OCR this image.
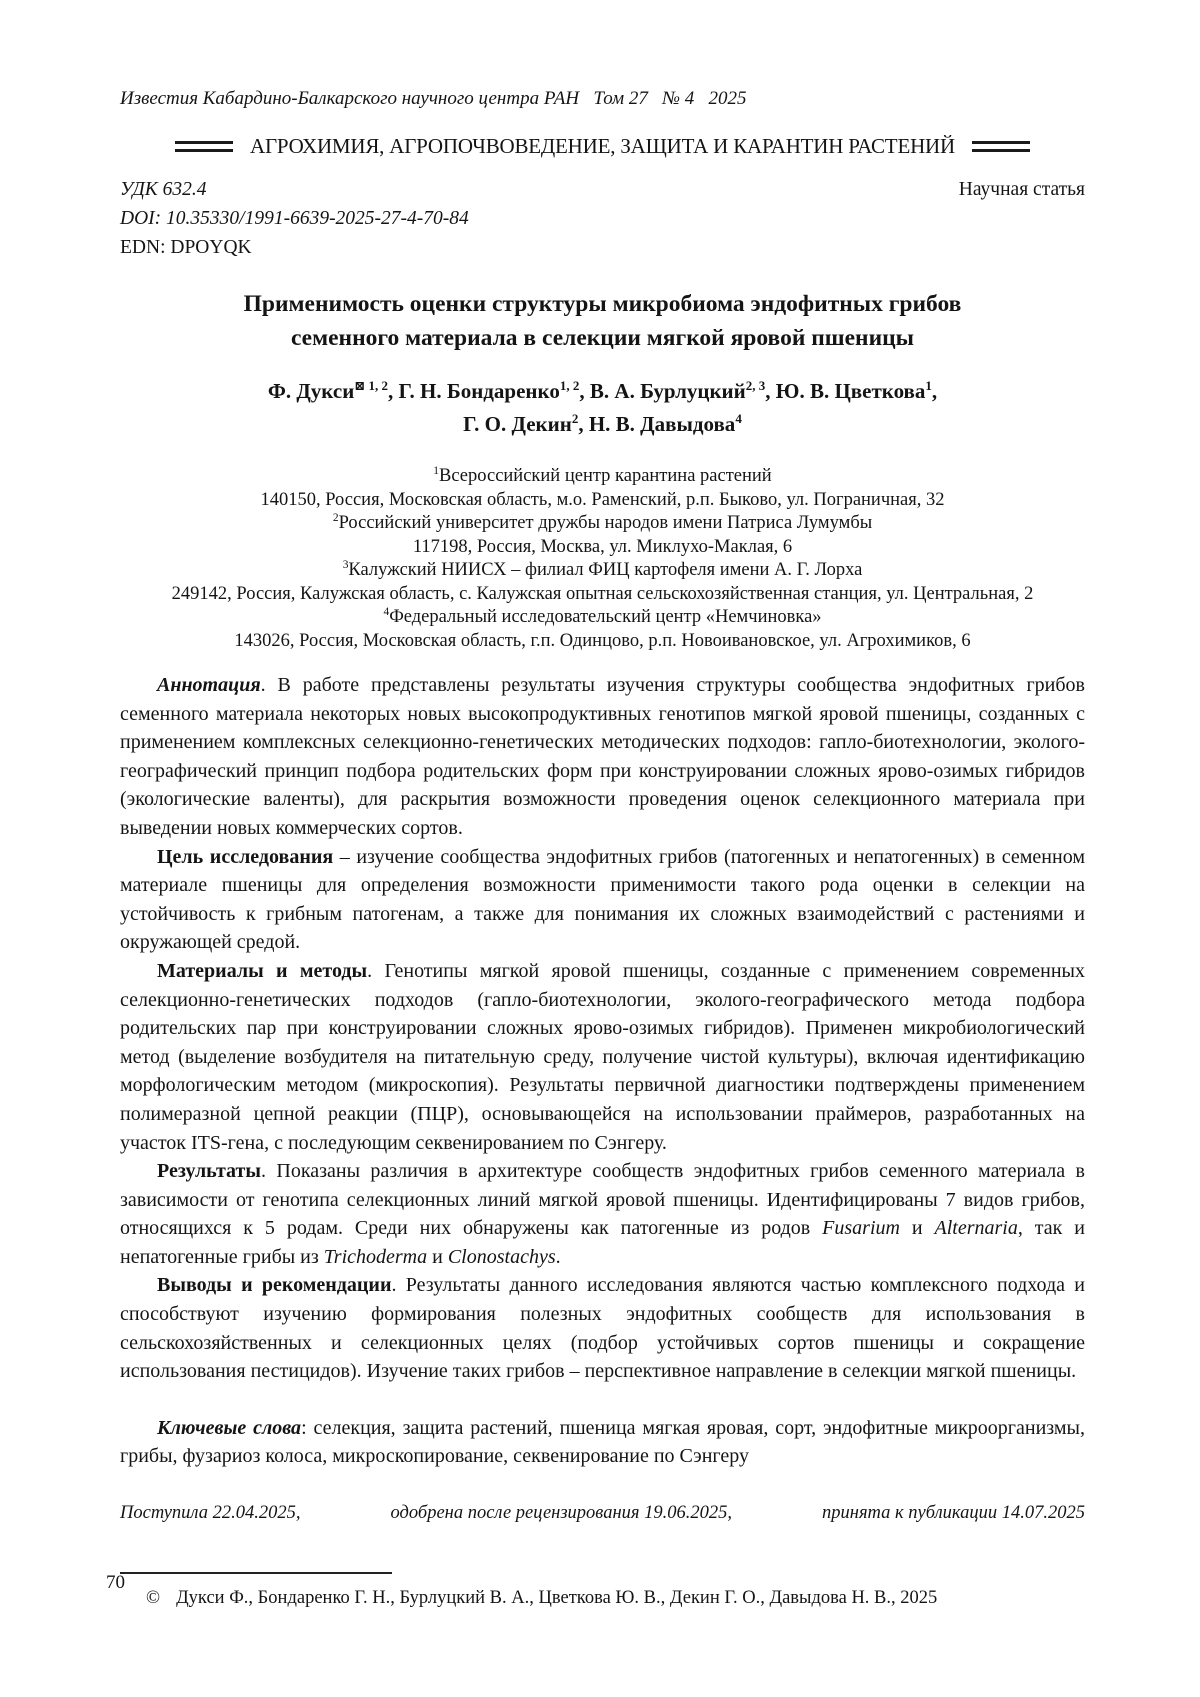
Известия Кабардино-Балкарского научного центра РАН   Том 27   № 4   2025
АГРОХИМИЯ, АГРОПОЧВОВЕДЕНИЕ, ЗАЩИТА И КАРАНТИН РАСТЕНИЙ
УДК 632.4	Научная статья
DOI: 10.35330/1991-6639-2025-27-4-70-84
EDN: DPOYQK
Применимость оценки структуры микробиома эндофитных грибов
семенного материала в селекции мягкой яровой пшеницы
Ф. Дукси⊠ $^{1, 2}$, Г. Н. Бондаренко$^{1, 2}$, В. А. Бурлуцкий$^{2, 3}$, Ю. В. Цветкова$^1$,
Г. О. Декин$^2$, Н. В. Давыдова$^4$
$^1$Всероссийский центр карантина растений
140150, Россия, Московская область, м.о. Раменский, р.п. Быково, ул. Пограничная, 32
$^2$Российский университет дружбы народов имени Патриса Лумумбы
117198, Россия, Москва, ул. Миклухо-Маклая, 6
$^3$Калужский НИИСХ – филиал ФИЦ картофеля имени А. Г. Лорха
249142, Россия, Калужская область, с. Калужская опытная сельскохозяйственная станция, ул. Центральная, 2
$^4$Федеральный исследовательский центр «Немчиновка»
143026, Россия, Московская область, г.п. Одинцово, р.п. Новоивановское, ул. Агрохимиков, 6

Аннотация. В работе представлены результаты изучения структуры сообщества эндофитных грибов семенного материала некоторых новых высокопродуктивных генотипов мягкой яровой пшеницы, созданных с применением комплексных селекционно-генетических методических подходов: гапло-биотехнологии, эколого-географический принцип подбора родительских форм при конструировании сложных ярово-озимых гибридов (экологические валенты), для раскрытия возможности проведения оценок селекционного материала при выведении новых коммерческих сортов.

Цель исследования – изучение сообщества эндофитных грибов (патогенных и непатогенных) в семенном материале пшеницы для определения возможности применимости такого рода оценки в селекции на устойчивость к грибным патогенам, а также для понимания их сложных взаимодействий с растениями и окружающей средой.

Материалы и методы. Генотипы мягкой яровой пшеницы, созданные с применением современных селекционно-генетических подходов (гапло-биотехнологии, эколого-географического метода подбора родительских пар при конструировании сложных ярово-озимых гибридов). Применен микробиологический метод (выделение возбудителя на питательную среду, получение чистой культуры), включая идентификацию морфологическим методом (микроскопия). Результаты первичной диагностики подтверждены применением полимеразной цепной реакции (ПЦР), основывающейся на использовании праймеров, разработанных на участок ITS-гена, с последующим секвенированием по Сэнгеру.

Результаты. Показаны различия в архитектуре сообществ эндофитных грибов семенного материала в зависимости от генотипа селекционных линий мягкой яровой пшеницы. Идентифицированы 7 видов грибов, относящихся к 5 родам. Среди них обнаружены как патогенные из родов Fusarium и Alternaria, так и непатогенные грибы из Trichoderma и Clonostachys.

Выводы и рекомендации. Результаты данного исследования являются частью комплексного подхода и способствуют изучению формирования полезных эндофитных сообществ для использования в сельскохозяйственных и селекционных целях (подбор устойчивых сортов пшеницы и сокращение использования пестицидов). Изучение таких грибов – перспективное направление в селекции мягкой пшеницы.

Ключевые слова: селекция, защита растений, пшеница мягкая яровая, сорт, эндофитные микроорганизмы, грибы, фузариоз колоса, микроскопирование, секвенирование по Сэнгеру

Поступила 22.04.2025,	одобрена после рецензирования 19.06.2025,	принята к публикации 14.07.2025
© Дукси Ф., Бондаренко Г. Н., Бурлуцкий В. А., Цветкова Ю. В., Декин Г. О., Давыдова Н. В., 2025
70
